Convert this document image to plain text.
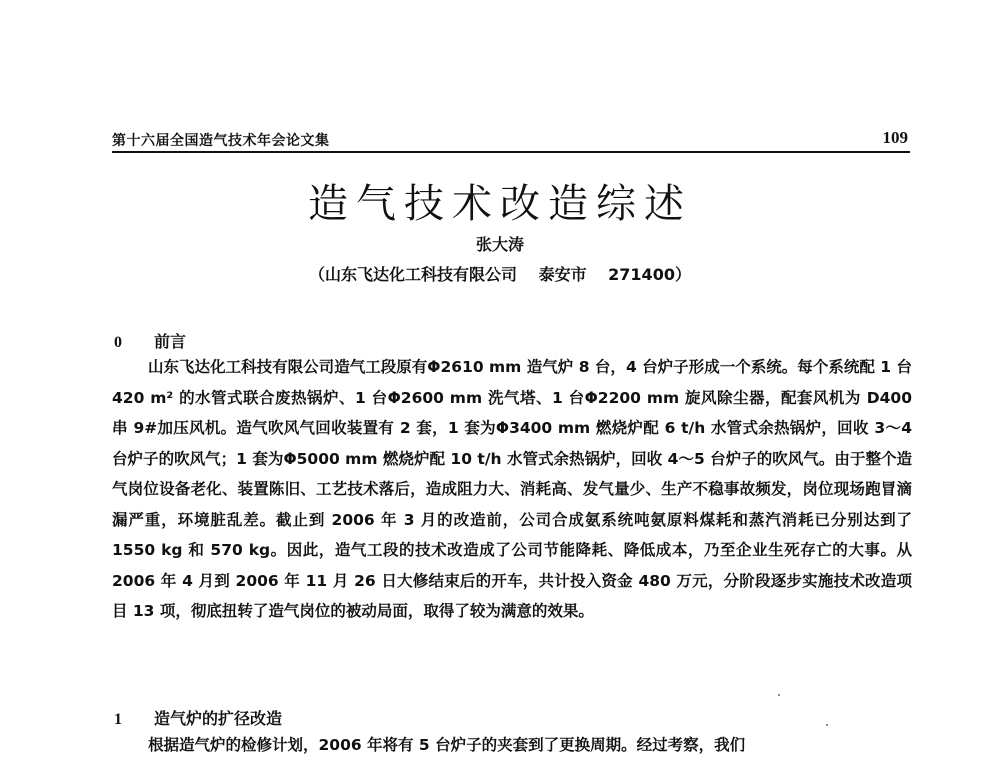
第十六届全国造气技术年会论文集	109
造气技术改造综述
张大涛
（山东飞达化工科技有限公司　 泰安市　 271400）
0 前言

山东飞达化工科技有限公司造气工段原有Φ2610 mm 造气炉 8 台，4 台炉子形成一个系统。每个系统配 1 台 420 m² 的水管式联合废热锅炉、1 台Φ2600 mm 洗气塔、1 台Φ2200 mm 旋风除尘器，配套风机为 D400 串 9#加压风机。造气吹风气回收装置有 2 套，1 套为Φ3400 mm 燃烧炉配 6 t/h 水管式余热锅炉，回收 3～4 台炉子的吹风气；1 套为Φ5000 mm 燃烧炉配 10 t/h 水管式余热锅炉，回收 4～5 台炉子的吹风气。由于整个造气岗位设备老化、装置陈旧、工艺技术落后，造成阻力大、消耗高、发气量少、生产不稳事故频发，岗位现场跑冒滴漏严重，环境脏乱差。截止到 2006 年 3 月的改造前，公司合成氨系统吨氨原料煤耗和蒸汽消耗已分别达到了 1550 kg 和 570 kg。因此，造气工段的技术改造成了公司节能降耗、降低成本，乃至企业生死存亡的大事。从 2006 年 4 月到 2006 年 11 月 26 日大修结束后的开车，共计投入资金 480 万元，分阶段逐步实施技术改造项目 13 项，彻底扭转了造气岗位的被动局面，取得了较为满意的效果。

1 造气炉的扩径改造

根据造气炉的检修计划，2006 年将有 5 台炉子的夹套到了更换周期。经过考察，我们
